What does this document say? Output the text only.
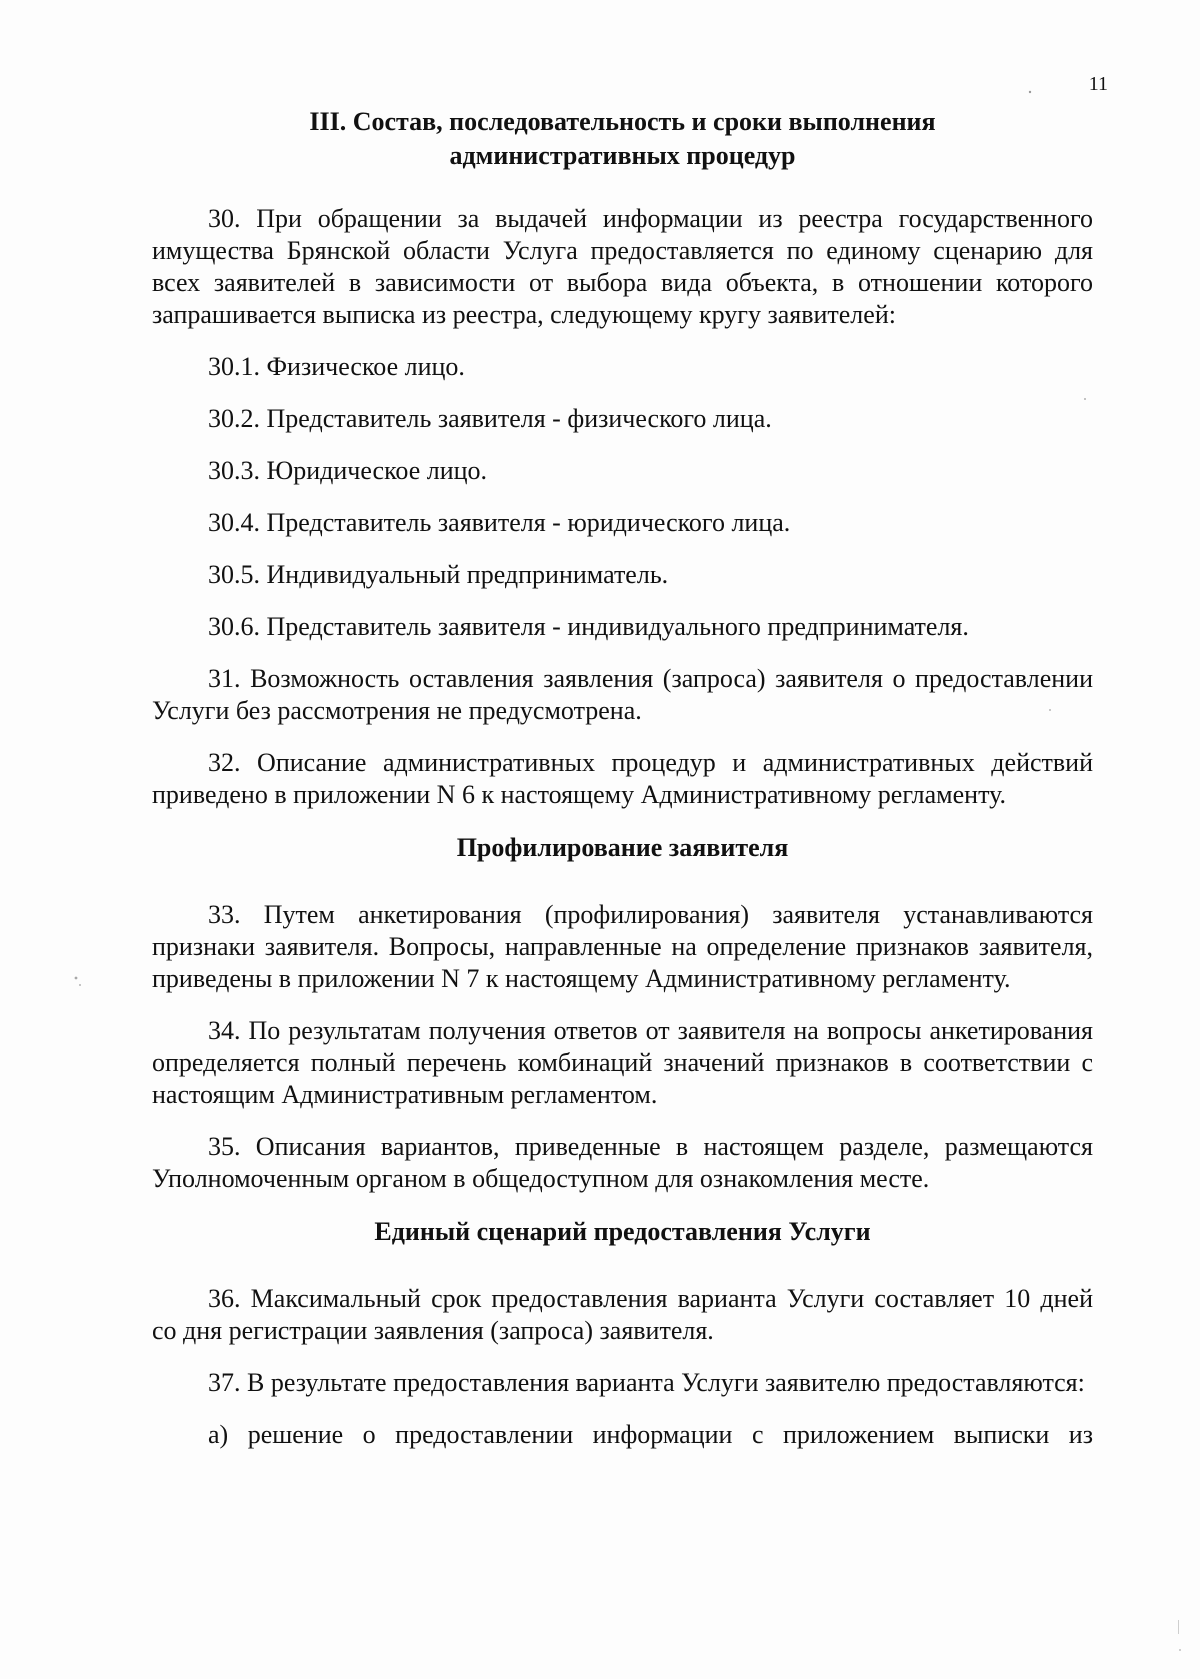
11
III. Состав, последовательность и сроки выполнения
административных процедур

30. При обращении за выдачей информации из реестра государственного имущества Брянской области Услуга предоставляется по единому сценарию для всех заявителей в зависимости от выбора вида объекта, в отношении которого запрашивается выписка из реестра, следующему кругу заявителей:

30.1. Физическое лицо.

30.2. Представитель заявителя - физического лица.

30.3. Юридическое лицо.

30.4. Представитель заявителя - юридического лица.

30.5. Индивидуальный предприниматель.

30.6. Представитель заявителя - индивидуального предпринимателя.

31. Возможность оставления заявления (запроса) заявителя о предоставлении Услуги без рассмотрения не предусмотрена.

32. Описание административных процедур и административных действий приведено в приложении N 6 к настоящему Административному регламенту.

Профилирование заявителя

33. Путем анкетирования (профилирования) заявителя устанавливаются признаки заявителя. Вопросы, направленные на определение признаков заявителя, приведены в приложении N 7 к настоящему Административному регламенту.

34. По результатам получения ответов от заявителя на вопросы анкетирования определяется полный перечень комбинаций значений признаков в соответствии с настоящим Административным регламентом.

35. Описания вариантов, приведенные в настоящем разделе, размещаются Уполномоченным органом в общедоступном для ознакомления месте.

Единый сценарий предоставления Услуги

36. Максимальный срок предоставления варианта Услуги составляет 10 дней со дня регистрации заявления (запроса) заявителя.

37. В результате предоставления варианта Услуги заявителю предоставляются:

а) решение о предоставлении информации с приложением выписки из
